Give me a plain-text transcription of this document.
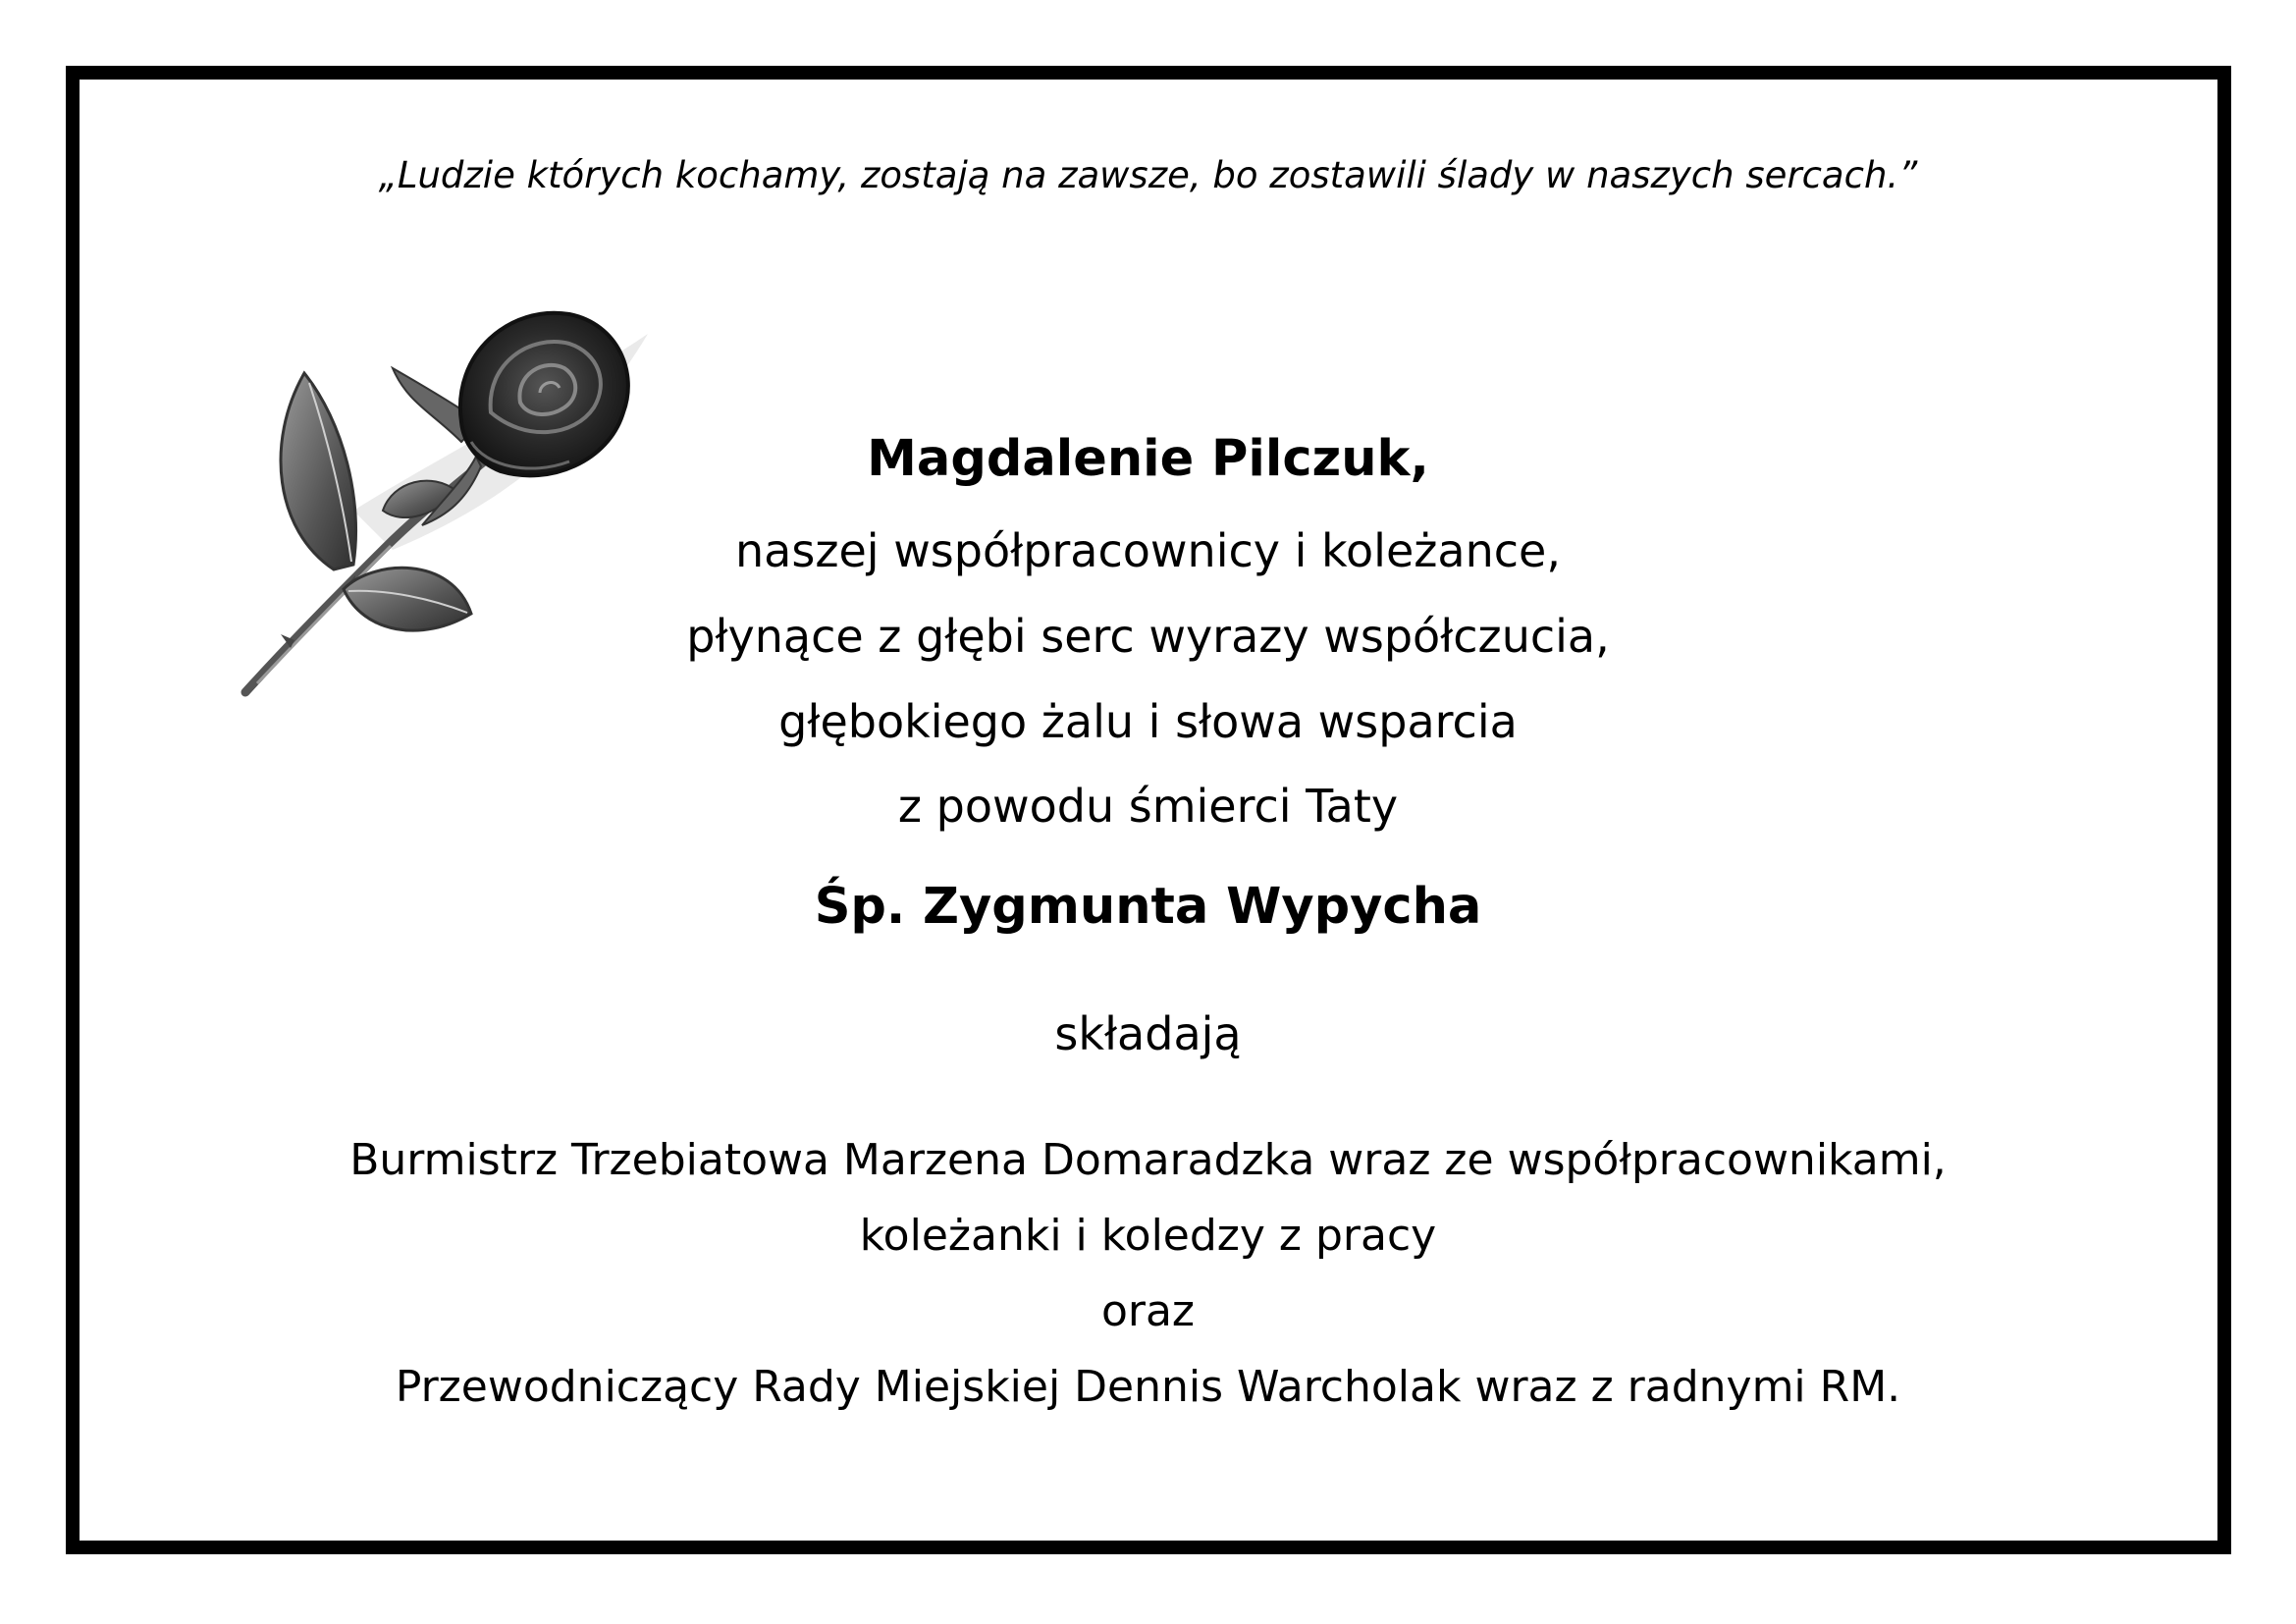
„Ludzie których kochamy, zostają na zawsze, bo zostawili ślady w naszych sercach.”
Magdalenie Pilczuk,
naszej współpracownicy i koleżance,
płynące z głębi serc wyrazy współczucia,
głębokiego żalu i słowa wsparcia
z powodu śmierci Taty
Śp. Zygmunta Wypycha
składają
Burmistrz Trzebiatowa Marzena Domaradzka wraz ze współpracownikami,
koleżanki i koledzy z pracy
oraz
Przewodniczący Rady Miejskiej Dennis Warcholak wraz z radnymi RM.
